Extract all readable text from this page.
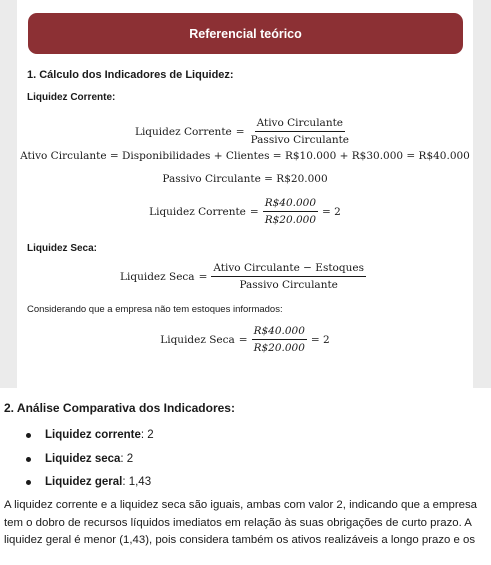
Referencial teórico
1. Cálculo dos Indicadores de Liquidez:
Liquidez Corrente:
Liquidez Corrente = $\frac{\text{Ativo Circulante}}{\text{Passivo Circulante}}$
Ativo Circulante = Disponibilidades + Clientes = R$10.000 + R$30.000 = R$40.000
Passivo Circulante = R$20.000
Liquidez Corrente = $\frac{R\$40.000}{R\$20.000} = 2$
Liquidez Seca:
Liquidez Seca = $\frac{\text{Ativo Circulante − Estoques}}{\text{Passivo Circulante}}$
Considerando que a empresa não tem estoques informados:
Liquidez Seca = $\frac{R\$40.000}{R\$20.000} = 2$
2. Análise Comparativa dos Indicadores:
Liquidez corrente : 2
Liquidez seca : 2
Liquidez geral : 1,43
A liquidez corrente e a liquidez seca são iguais, ambas com valor 2, indicando que a empresa
tem o dobro de recursos líquidos imediatos em relação às suas obrigações de curto prazo. A
liquidez geral é menor (1,43), pois considera também os ativos realizáveis a longo prazo e os
